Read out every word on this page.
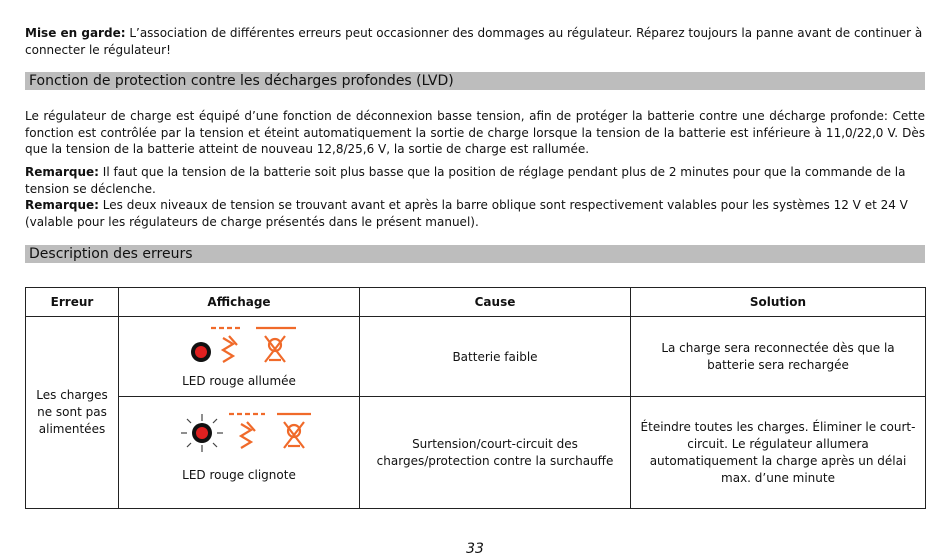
Mise en garde: L’association de différentes erreurs peut occasionner des dommages au régulateur. Réparez toujours la panne avant de continuer à connecter le régulateur!

Fonction de protection contre les décharges profondes (LVD)

Le régulateur de charge est équipé d’une fonction de déconnexion basse tension, afin de protéger la batterie contre une décharge profonde: Cette fonction est contrôlée par la tension et éteint automatiquement la sortie de charge lorsque la tension de la batterie est inférieure à 11,0/22,0 V. Dès que la tension de la batterie atteint de nouveau 12,8/25,6 V, la sortie de charge est rallumée.

Remarque: Il faut que la tension de la batterie soit plus basse que la position de réglage pendant plus de 2 minutes pour que la commande de la tension se déclenche.

Remarque: Les deux niveaux de tension se trouvant avant et après la barre oblique sont respectivement valables pour les systèmes 12 V et 24 V (valable pour les régulateurs de charge présentés dans le présent manuel).

Description des erreurs
Erreur	Affichage	Cause	Solution
Les charges ne sont pas alimentées	LED rouge allumée	Batterie faible	La charge sera reconnectée dès que la batterie sera rechargée

	LED rouge clignote	Surtension/court-circuit des charges/protection contre la surchauffe	Éteindre toutes les charges. Éliminer le court-circuit. Le régulateur allumera automatiquement la charge après un délai max. d’une minute
33
